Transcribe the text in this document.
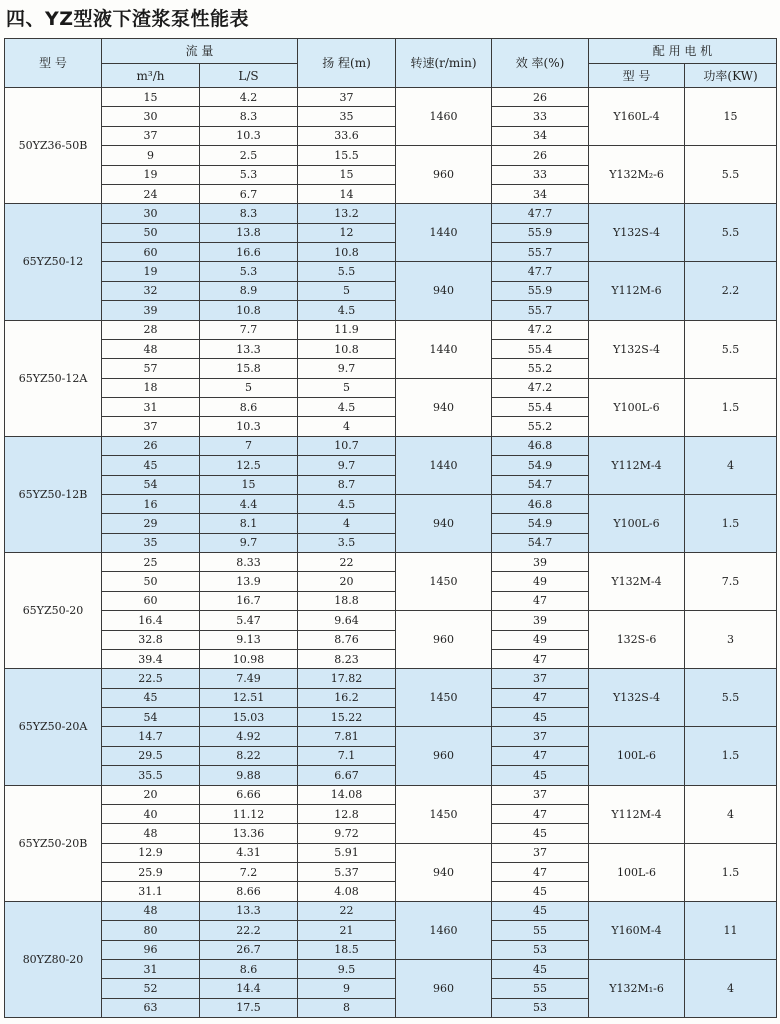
四、YZ型液下渣浆泵性能表
型 号	流 量		扬 程(m)	转速(r/min)	效 率(%)	配 用 电 机	
	m³/h	L/S				型 号	功率(KW)
50YZ36-50B	15	4.2	37	1460	26	Y160L-4	15
	30	8.3	35		33		
	37	10.3	33.6		34		
	9	2.5	15.5	960	26	Y132M₂-6	5.5
	19	5.3	15		33		
	24	6.7	14		34		
65YZ50-12	30	8.3	13.2	1440	47.7	Y132S-4	5.5
	50	13.8	12		55.9		
	60	16.6	10.8		55.7		
	19	5.3	5.5	940	47.7	Y112M-6	2.2
	32	8.9	5		55.9		
	39	10.8	4.5		55.7		
65YZ50-12A	28	7.7	11.9	1440	47.2	Y132S-4	5.5
	48	13.3	10.8		55.4		
	57	15.8	9.7		55.2		
	18	5	5	940	47.2	Y100L-6	1.5
	31	8.6	4.5		55.4		
	37	10.3	4		55.2		
65YZ50-12B	26	7	10.7	1440	46.8	Y112M-4	4
	45	12.5	9.7		54.9		
	54	15	8.7		54.7		
	16	4.4	4.5	940	46.8	Y100L-6	1.5
	29	8.1	4		54.9		
	35	9.7	3.5		54.7		
65YZ50-20	25	8.33	22	1450	39	Y132M-4	7.5
	50	13.9	20		49		
	60	16.7	18.8		47		
	16.4	5.47	9.64	960	39	132S-6	3
	32.8	9.13	8.76		49		
	39.4	10.98	8.23		47		
65YZ50-20A	22.5	7.49	17.82	1450	37	Y132S-4	5.5
	45	12.51	16.2		47		
	54	15.03	15.22		45		
	14.7	4.92	7.81	960	37	100L-6	1.5
	29.5	8.22	7.1		47		
	35.5	9.88	6.67		45		
65YZ50-20B	20	6.66	14.08	1450	37	Y112M-4	4
	40	11.12	12.8		47		
	48	13.36	9.72		45		
	12.9	4.31	5.91	940	37	100L-6	1.5
	25.9	7.2	5.37		47		
	31.1	8.66	4.08		45		
80YZ80-20	48	13.3	22	1460	45	Y160M-4	11
	80	22.2	21		55		
	96	26.7	18.5		53		
	31	8.6	9.5	960	45	Y132M₁-6	4
	52	14.4	9		55		
	63	17.5	8		53		
